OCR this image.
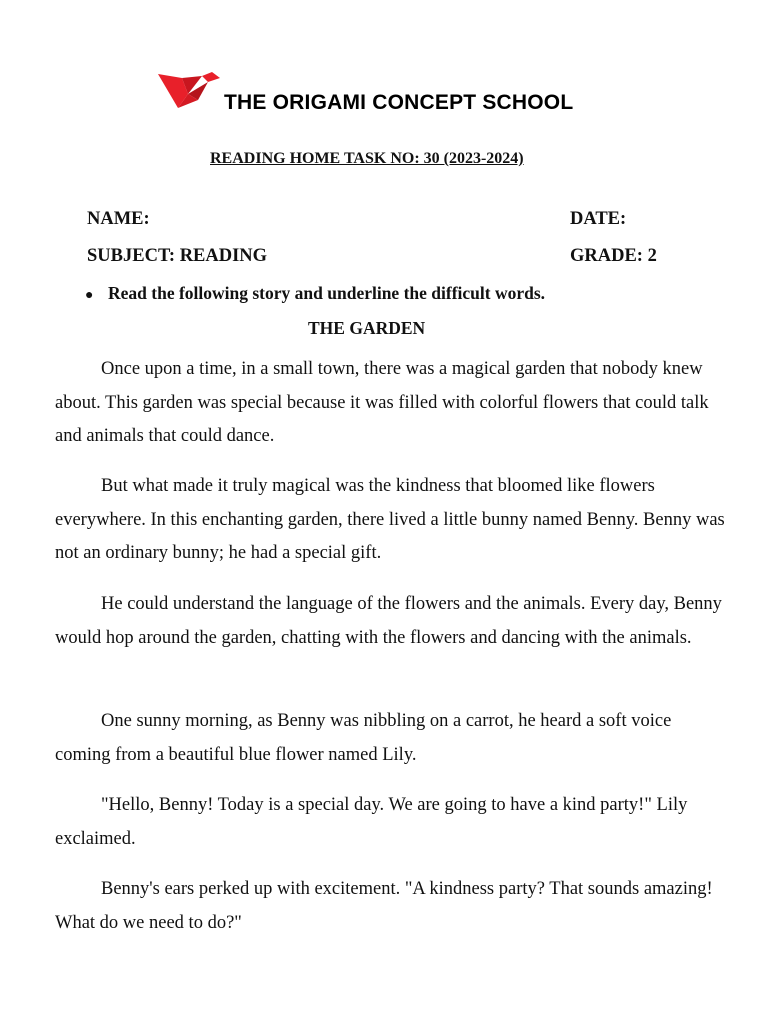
THE ORIGAMI CONCEPT SCHOOL
READING HOME TASK NO: 30 (2023-2024)
NAME:	DATE:
SUBJECT: READING	GRADE: 2
● Read the following story and underline the difficult words.
THE GARDEN

Once upon a time, in a small town, there was a magical garden that nobody knew about. This garden was special because it was filled with colorful flowers that could talk and animals that could dance.

But what made it truly magical was the kindness that bloomed like flowers everywhere. In this enchanting garden, there lived a little bunny named Benny. Benny was not an ordinary bunny; he had a special gift.

He could understand the language of the flowers and the animals. Every day, Benny would hop around the garden, chatting with the flowers and dancing with the animals.

One sunny morning, as Benny was nibbling on a carrot, he heard a soft voice coming from a beautiful blue flower named Lily.

"Hello, Benny! Today is a special day. We are going to have a kind party!" Lily exclaimed.

Benny's ears perked up with excitement. "A kindness party? That sounds amazing! What do we need to do?"
